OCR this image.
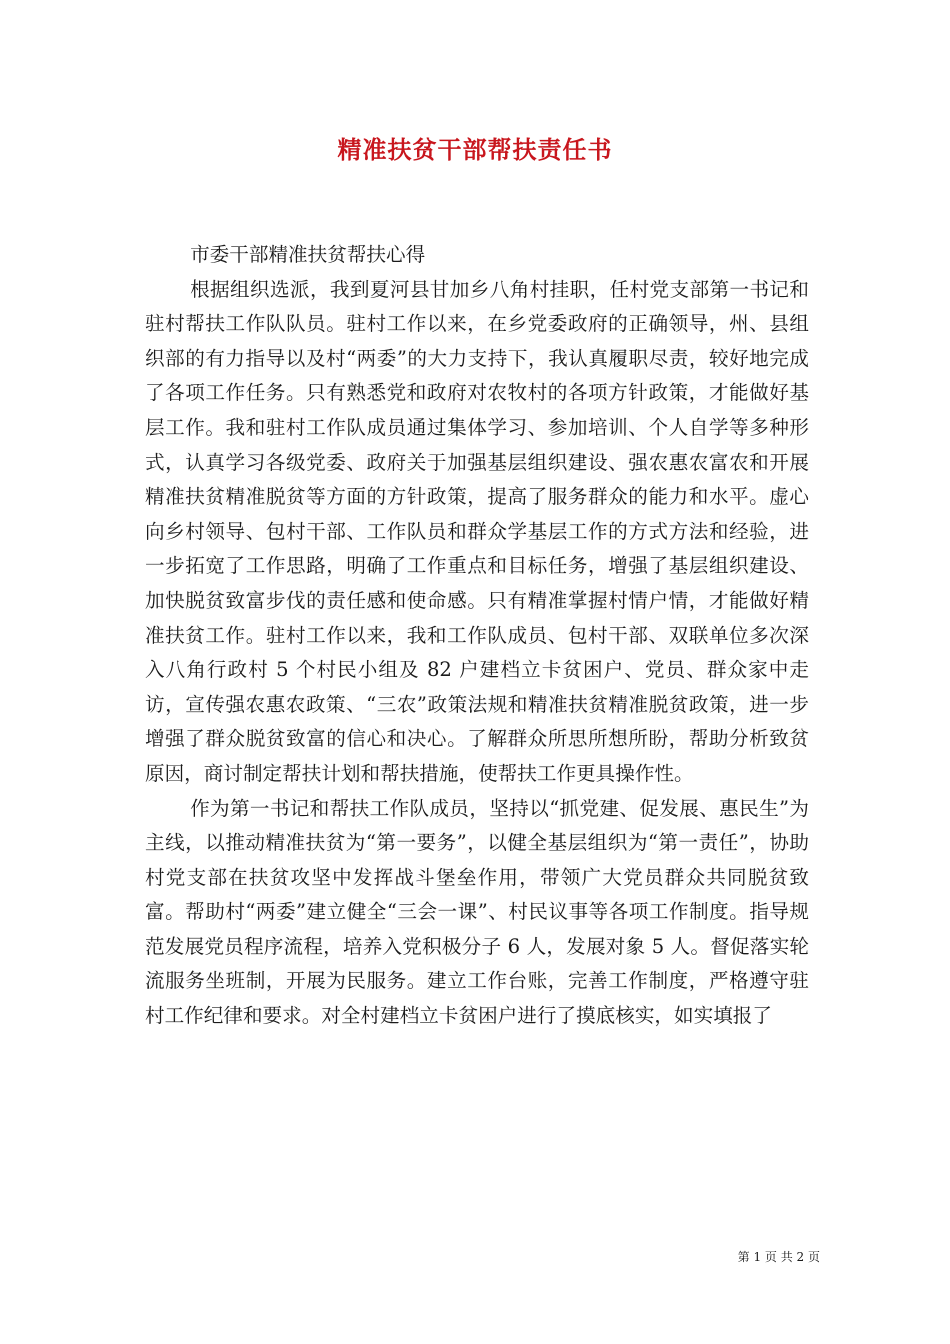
精准扶贫干部帮扶责任书

市委干部精准扶贫帮扶心得

根据组织选派，我到夏河县甘加乡八角村挂职，任村党支部第一书记和驻村帮扶工作队队员。驻村工作以来，在乡党委政府的正确领导，州、县组织部的有力指导以及村“两委”的大力支持下，我认真履职尽责，较好地完成了各项工作任务。只有熟悉党和政府对农牧村的各项方针政策，才能做好基层工作。我和驻村工作队成员通过集体学习、参加培训、个人自学等多种形式，认真学习各级党委、政府关于加强基层组织建设、强农惠农富农和开展精准扶贫精准脱贫等方面的方针政策，提高了服务群众的能力和水平。虚心向乡村领导、包村干部、工作队员和群众学基层工作的方式方法和经验，进一步拓宽了工作思路，明确了工作重点和目标任务，增强了基层组织建设、加快脱贫致富步伐的责任感和使命感。只有精准掌握村情户情，才能做好精准扶贫工作。驻村工作以来，我和工作队成员、包村干部、双联单位多次深入八角行政村 5 个村民小组及 82 户建档立卡贫困户、党员、群众家中走访，宣传强农惠农政策、“三农”政策法规和精准扶贫精准脱贫政策，进一步增强了群众脱贫致富的信心和决心。了解群众所思所想所盼，帮助分析致贫原因，商讨制定帮扶计划和帮扶措施，使帮扶工作更具操作性。

作为第一书记和帮扶工作队成员，坚持以“抓党建、促发展、惠民生”为主线，以推动精准扶贫为“第一要务”，以健全基层组织为“第一责任”，协助村党支部在扶贫攻坚中发挥战斗堡垒作用，带领广大党员群众共同脱贫致富。帮助村“两委”建立健全“三会一课”、村民议事等各项工作制度。指导规范发展党员程序流程，培养入党积极分子 6 人，发展对象 5 人。督促落实轮流服务坐班制，开展为民服务。建立工作台账，完善工作制度，严格遵守驻村工作纪律和要求。对全村建档立卡贫困户进行了摸底核实，如实填报了

第 1 页 共 2 页
